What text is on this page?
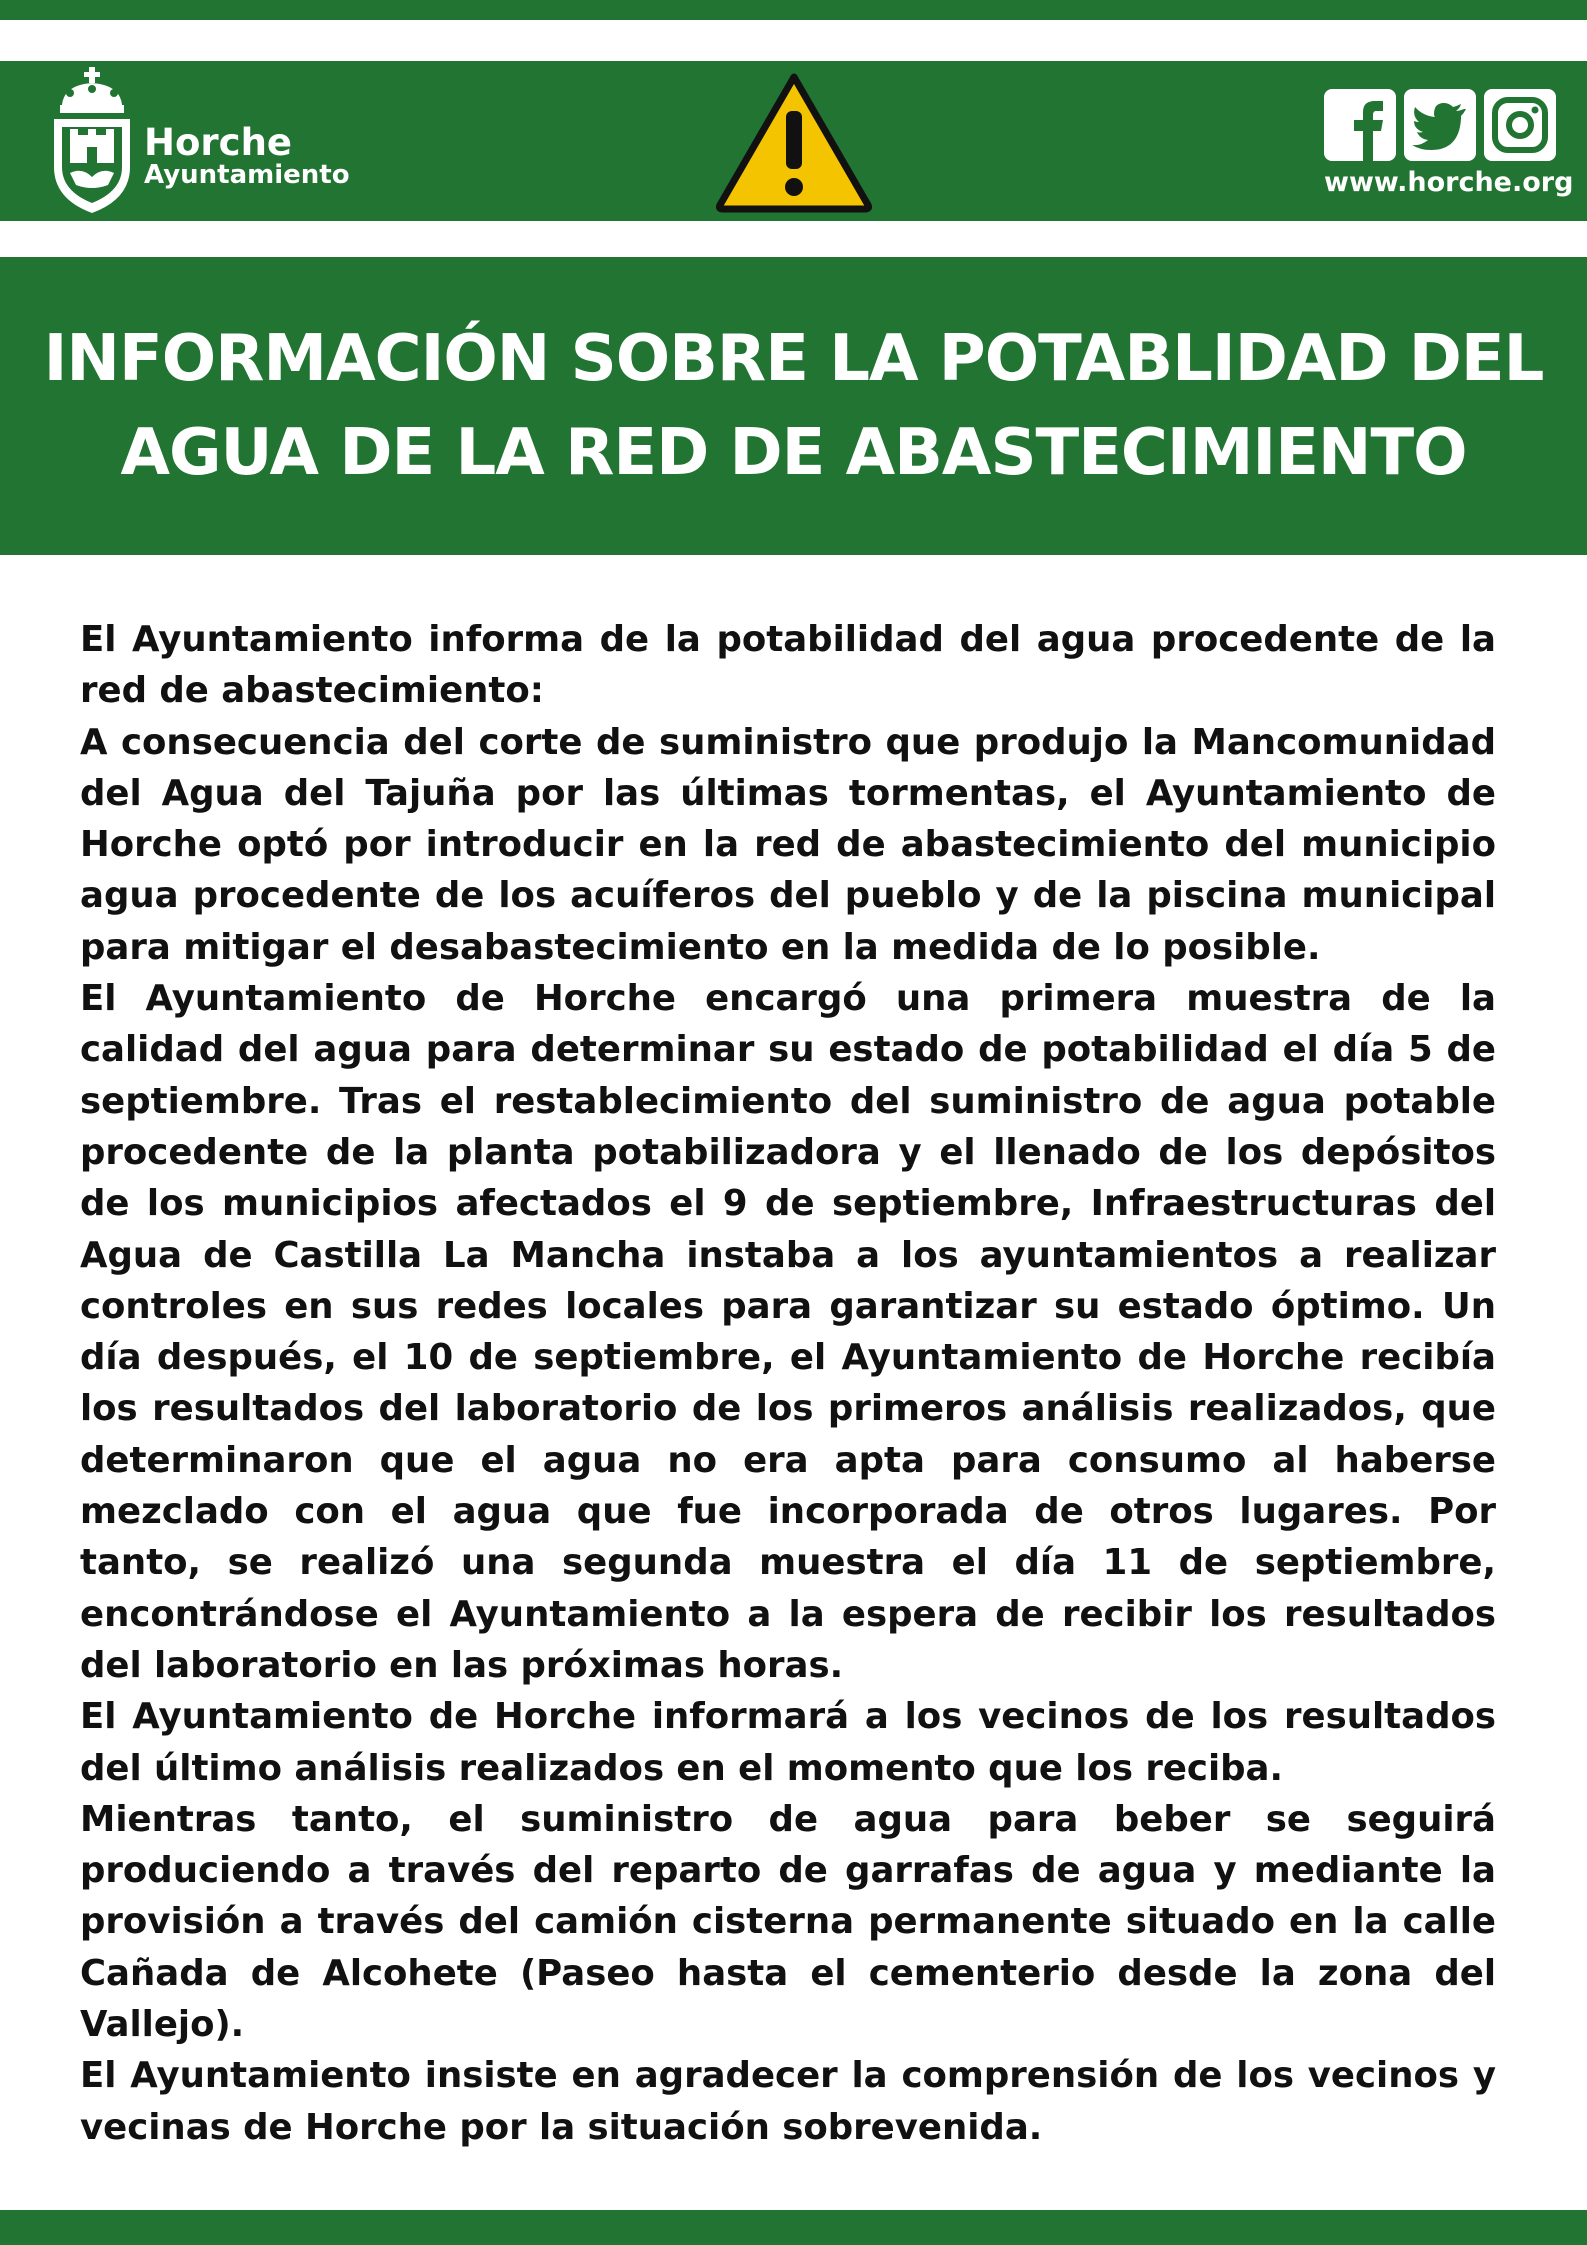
Horche
Ayuntamiento	www.horche.org
INFORMACIÓN SOBRE LA POTABLIDAD DEL
AGUA DE LA RED DE ABASTECIMIENTO

El Ayuntamiento informa de la potabilidad del agua procedente de la red de abastecimiento:

A consecuencia del corte de suministro que produjo la Mancomunidad del Agua del Tajuña por las últimas tormentas, el Ayuntamiento de Horche optó por introducir en la red de abastecimiento del municipio agua procedente de los acuíferos del pueblo y de la piscina municipal para mitigar el desabastecimiento en la medida de lo posible.

El Ayuntamiento de Horche encargó una primera muestra de la calidad del agua para determinar su estado de potabilidad el día 5 de septiembre. Tras el restablecimiento del suministro de agua potable procedente de la planta potabilizadora y el llenado de los depósitos de los municipios afectados el 9 de septiembre, Infraestructuras del Agua de Castilla La Mancha instaba a los ayuntamientos a realizar controles en sus redes locales para garantizar su estado óptimo. Un día después, el 10 de septiembre, el Ayuntamiento de Horche recibía los resultados del laboratorio de los primeros análisis realizados, que determinaron que el agua no era apta para consumo al haberse mezclado con el agua que fue incorporada de otros lugares. Por tanto, se realizó una segunda muestra el día 11 de septiembre, encontrándose el Ayuntamiento a la espera de recibir los resultados del laboratorio en las próximas horas.

El Ayuntamiento de Horche informará a los vecinos de los resultados del último análisis realizados en el momento que los reciba.

Mientras tanto, el suministro de agua para beber se seguirá produciendo a través del reparto de garrafas de agua y mediante la provisión a través del camión cisterna permanente situado en la calle Cañada de Alcohete (Paseo hasta el cementerio desde la zona del Vallejo).

El Ayuntamiento insiste en agradecer la comprensión de los vecinos y vecinas de Horche por la situación sobrevenida.
